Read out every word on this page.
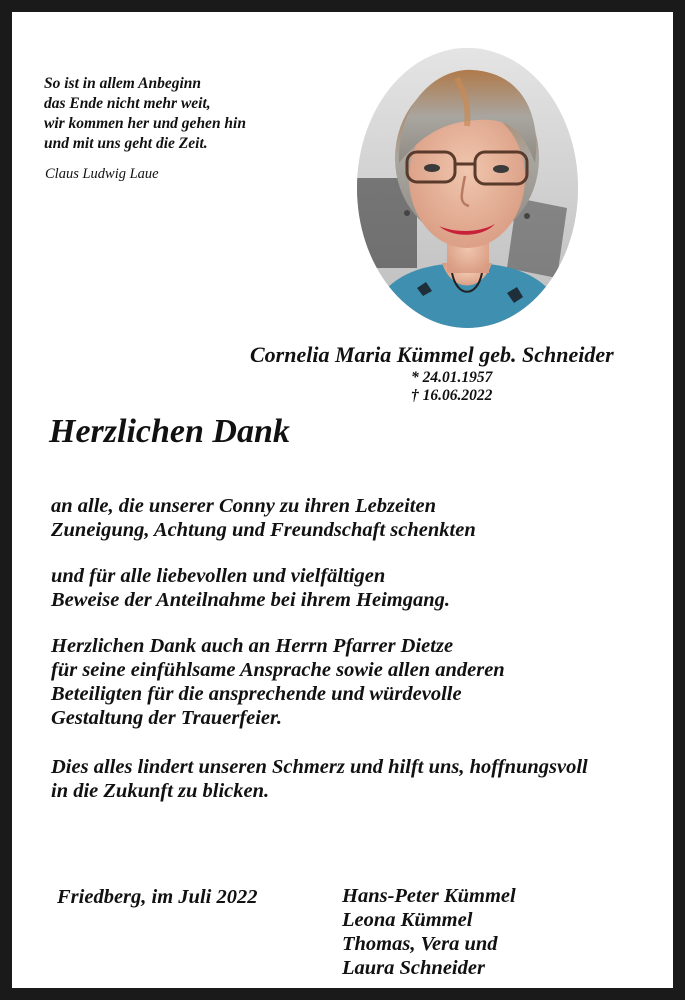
So ist in allem Anbeginn
das Ende nicht mehr weit,
wir kommen her und gehen hin
und mit uns geht die Zeit.
Claus Ludwig Laue
Cornelia Maria Kümmel geb. Schneider
* 24.01.1957
† 16.06.2022
Herzlichen Dank
an alle, die unserer Conny zu ihren Lebzeiten
Zuneigung, Achtung und Freundschaft schenkten
und für alle liebevollen und vielfältigen
Beweise der Anteilnahme bei ihrem Heimgang.
Herzlichen Dank auch an Herrn Pfarrer Dietze
für seine einfühlsame Ansprache sowie allen anderen
Beteiligten für die ansprechende und würdevolle
Gestaltung der Trauerfeier.
Dies alles lindert unseren Schmerz und hilft uns, hoffnungsvoll
in die Zukunft zu blicken.
Friedberg, im Juli 2022	Hans-Peter Kümmel
Leona Kümmel
Thomas, Vera und
Laura Schneider
